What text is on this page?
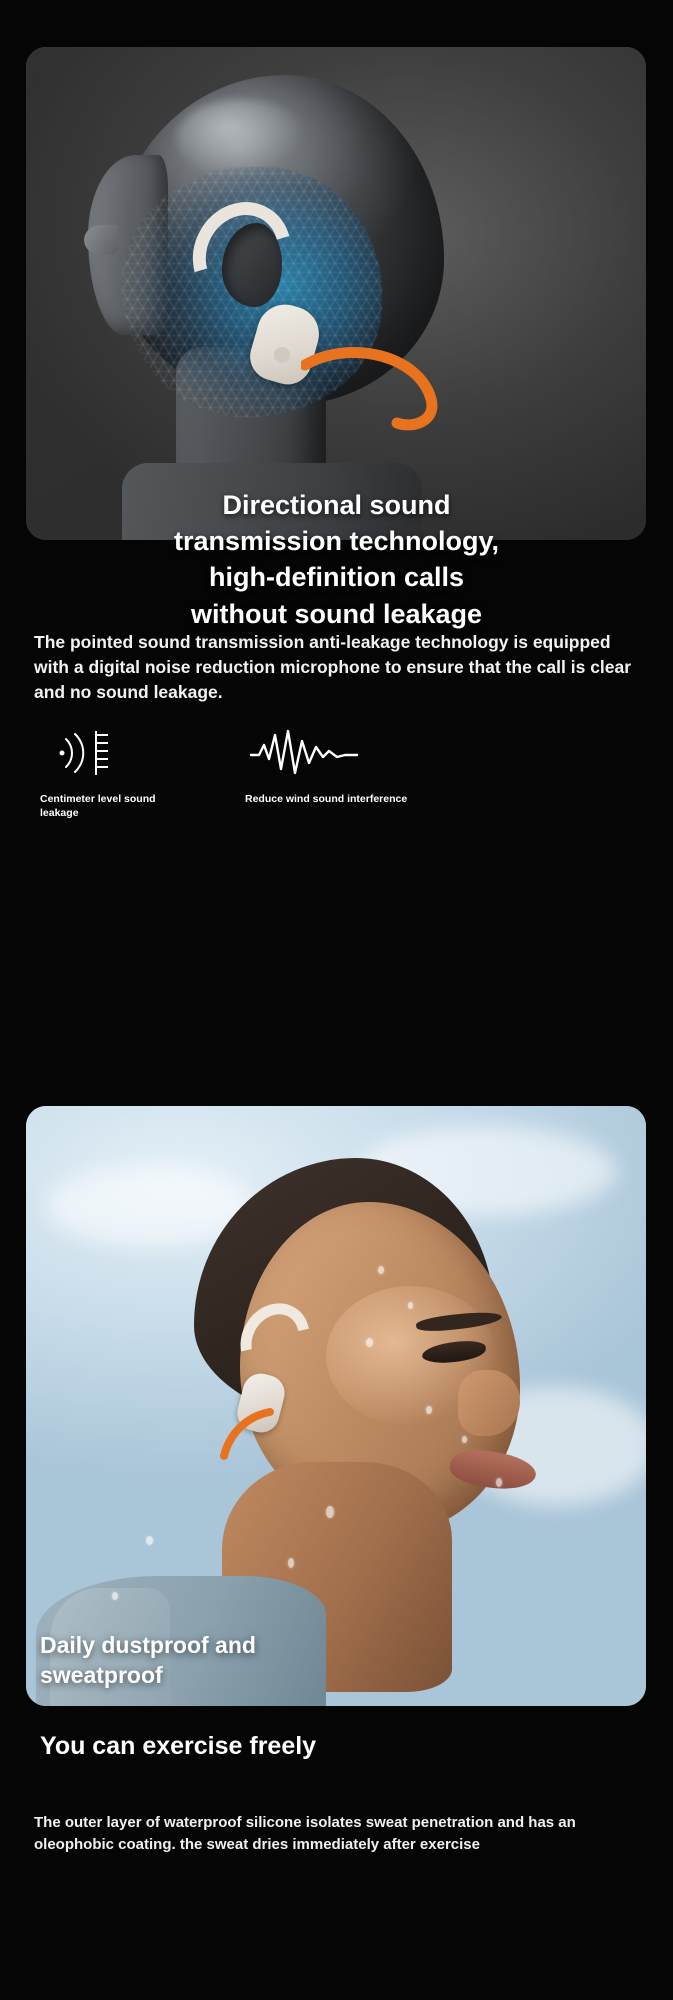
Directional sound
transmission technology,
high-definition calls
without sound leakage
The pointed sound transmission anti-leakage technology is equipped with a digital noise reduction microphone to ensure that the call is clear and no sound leakage.
Centimeter level sound
leakage
Reduce wind sound interference
Daily dustproof and
sweatproof
You can exercise freely
The outer layer of waterproof silicone isolates sweat penetration and has an oleophobic coating. the sweat dries immediately after exercise
